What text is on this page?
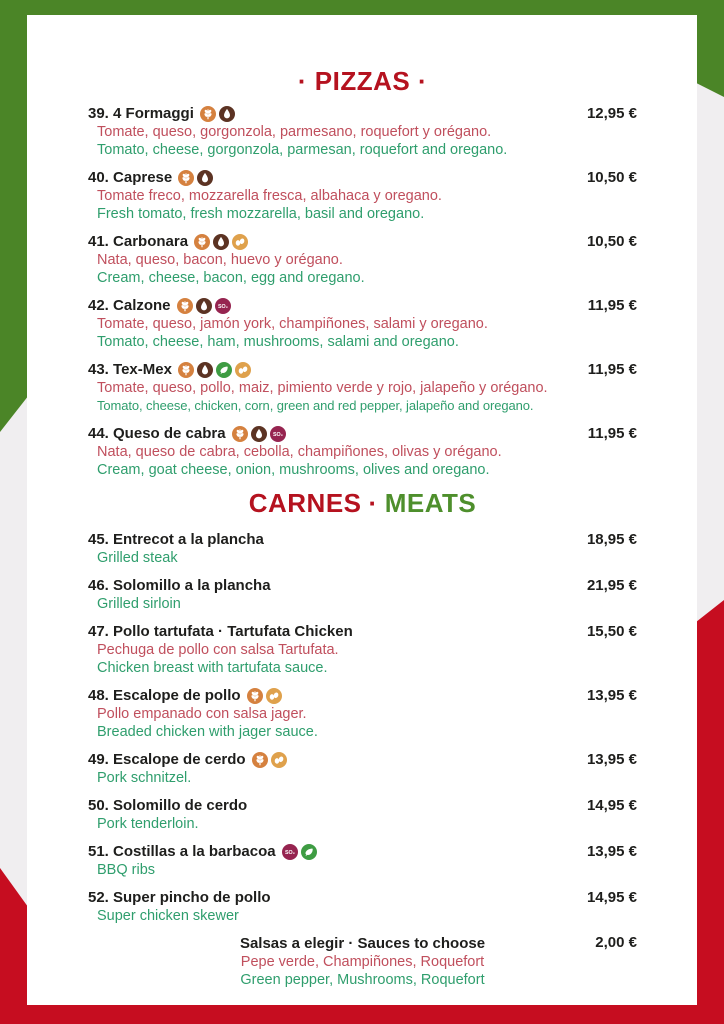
· PIZZAS ·
39. 4 Formaggi	12,95 €
Tomate, queso, gorgonzola, parmesano, roquefort y orégano.
Tomato, cheese, gorgonzola, parmesan, roquefort and oregano.
40. Caprese	10,50 €
Tomate freco, mozzarella fresca, albahaca y oregano.
Fresh tomato, fresh mozzarella, basil and oregano.
41. Carbonara	10,50 €
Nata, queso, bacon, huevo y orégano.
Cream, cheese, bacon, egg and oregano.
42. Calzone	SO₂	11,95 €
Tomate, queso, jamón york, champiñones, salami y oregano.
Tomato, cheese, ham, mushrooms, salami and oregano.
43. Tex-Mex	11,95 €
Tomate, queso, pollo, maiz, pimiento verde y rojo, jalapeño y orégano.
Tomato, cheese, chicken, corn, green and red pepper, jalapeño and oregano.
44. Queso de cabra	SO₂	11,95 €
Nata, queso de cabra, cebolla, champiñones, olivas y orégano.
Cream, goat cheese, onion, mushrooms, olives and oregano.
CARNES · MEATS
45. Entrecot a la plancha	18,95 €
Grilled steak
46. Solomillo a la plancha	21,95 €
Grilled sirloin
47. Pollo tartufata · Tartufata Chicken	15,50 €
Pechuga de pollo con salsa Tartufata.
Chicken breast with tartufata sauce.
48. Escalope de pollo	13,95 €
Pollo empanado con salsa jager.
Breaded chicken with jager sauce.
49. Escalope de cerdo	13,95 €
Pork schnitzel.
50. Solomillo de cerdo	14,95 €
Pork tenderloin.
51. Costillas a la barbacoa SO₂	13,95 €
BBQ ribs
52. Super pincho de pollo	14,95 €
Super chicken skewer
Salsas a elegir · Sauces to choose
Pepe verde, Champiñones, Roquefort
Green pepper, Mushrooms, Roquefort
2,00 €
